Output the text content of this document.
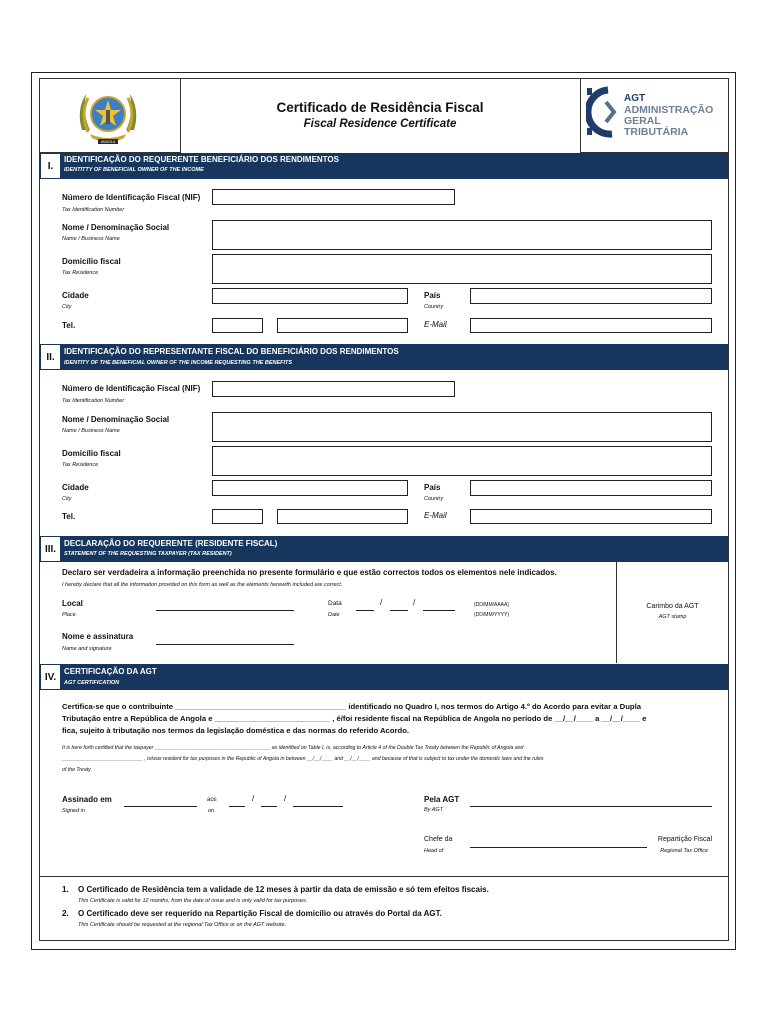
ANGOLA
Certificado de Residência Fiscal
Fiscal Residence Certificate
AGT
ADMINISTRAÇÃO
GERAL
TRIBUTÁRIA
I.
IDENTIFICAÇÃO DO REQUERENTE BENEFICIÁRIO DOS RENDIMENTOS
IDENTITTY OF BENEFICIAL OWNER OF THE INCOME
Número de Identificação Fiscal (NIF)
Tax Identification Number
Nome / Denominação Social
Name / Business Name
Domicílio fiscal
Tax Residence
Cidade
City
País
Country
Tel.	E-Mail
II.	IDENTIFICAÇÃO DO REPRESENTANTE FISCAL DO BENEFICIÁRIO DOS RENDIMENTOS
IDENTITY OF THE BENEFICIAL OWNER OF THE INCOME REQUESTING THE BENEFITS
Número de Identificação Fiscal (NIF)
Tax Identification Number
Nome / Denominação Social
Name / Business Name
Domicílio fiscal
Tax Residence
Cidade
City
País
Country
Tel.	E-Mail
III. DECLARAÇÃO DO REQUERENTE (RESIDENTE FISCAL)
STATEMENT OF THE REQUESTING TAXPAYER (TAX RESIDENT)
Declaro ser verdadeira a informação preenchida no presente formulário e que estão correctos todos os elementos nele indicados.
I hereby declare that all the information provided on this form as well as the elements herewith included are correct.
Local
Place
Data
Date
/	/	(DD/MM/AAAA)
(DD/MM/YYYY)
Nome e assinatura
Name and signature
Carimbo da AGT
AGT stamp
IV. CERTIFICAÇÃO DA AGT
AGT CERTIFICATION
Certifica-se que o contribuinte ________________________________________ identificado no Quadro I, nos termos do Artigo 4.º do Acordo para evitar a Dupla
Tributação entre a República de Angola e ___________________________ , é/foi residente fiscal na República de Angola no período de __/__/____ a __/__/____ e
fica, sujeito à tributação nos termos da legislação doméstica e das normas do referido Acordo.
It is here forth certified that the taxpayer ________________________________________ as identified on Table I, is, according to Article 4 of the Double Tax Treaty between the Republic of Angola and
____________________________ , is/was resident for tax purposes in the Republic of Angola in between __/__/____ and __/__/____ and because of that is subject to tax under the domestic laws and the rules
of the Treaty.
Assinado em
Signed in
aos
on
/	/	Pela AGT
By AGT
Chefe da
Head of
Repartição Fiscal
Regional Tax Office
1. O Certificado de Residência tem a validade de 12 meses à partir da data de emissão e só tem efeitos fiscais.
This Certificate is valid for 12 months, from the date of issue and is only valid for tax purposes.
2. O Certificado deve ser requerido na Repartição Fiscal de domicílio ou através do Portal da AGT.
This Certificate should be requested at the regional Tax Office or on the AGT website.
